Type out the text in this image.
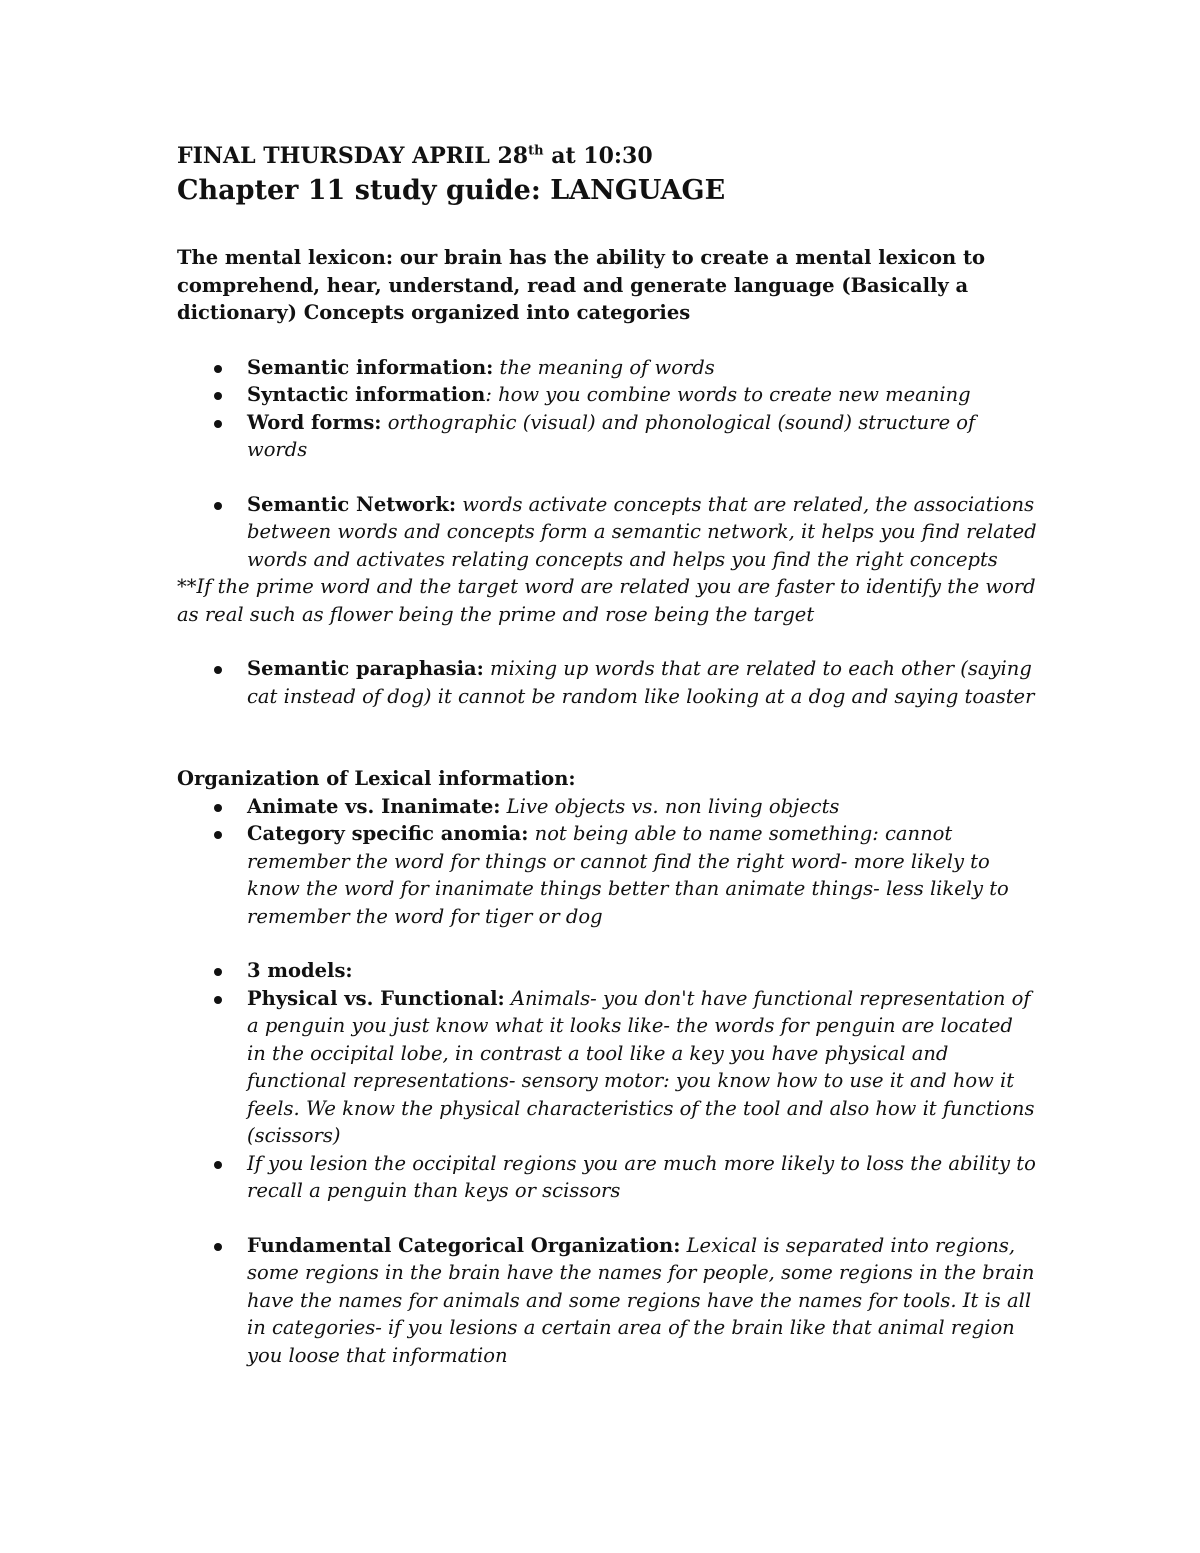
FINAL THURSDAY APRIL 28th at 10:30

Chapter 11 study guide: LANGUAGE

The mental lexicon: our brain has the ability to create a mental lexicon to comprehend, hear, understand, read and generate language (Basically a dictionary) Concepts organized into categories

Semantic information: the meaning of words
Syntactic information: how you combine words to create new meaning
Word forms: orthographic (visual) and phonological (sound) structure of words
Semantic Network: words activate concepts that are related, the associations between words and concepts form a semantic network, it helps you find related words and activates relating concepts and helps you find the right concepts

**If the prime word and the target word are related you are faster to identify the word as real such as flower being the prime and rose being the target

Semantic paraphasia: mixing up words that are related to each other (saying cat instead of dog) it cannot be random like looking at a dog and saying toaster

Organization of Lexical information:

Animate vs. Inanimate: Live objects vs. non living objects
Category specific anomia: not being able to name something: cannot remember the word for things or cannot find the right word- more likely to know the word for inanimate things better than animate things- less likely to remember the word for tiger or dog
3 models:
Physical vs. Functional: Animals- you don't have functional representation of a penguin you just know what it looks like- the words for penguin are located in the occipital lobe, in contrast a tool like a key you have physical and functional representations- sensory motor: you know how to use it and how it feels. We know the physical characteristics of the tool and also how it functions (scissors)
If you lesion the occipital regions you are much more likely to loss the ability to recall a penguin than keys or scissors
Fundamental Categorical Organization: Lexical is separated into regions, some regions in the brain have the names for people, some regions in the brain have the names for animals and some regions have the names for tools. It is all in categories- if you lesions a certain area of the brain like that animal region you loose that information
